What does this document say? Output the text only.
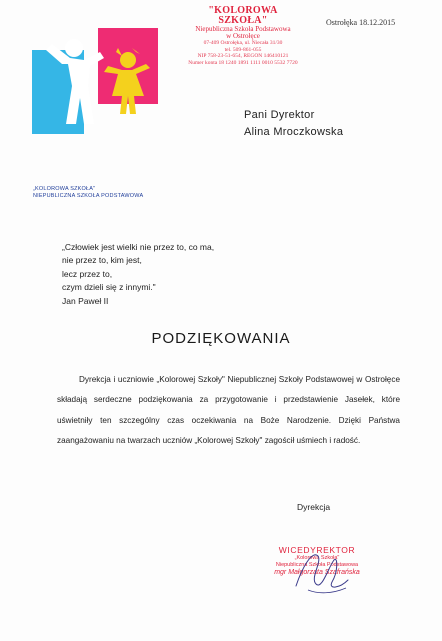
"KOLOROWA SZKOŁA"
Niepubliczna Szkoła Podstawowa
w Ostrołęce
07-409 Ostrołęka, ul. Niecała 31/30
tel. 509-861-055
NIP 758-23-51-654, REGON 146410121
Numer konta 18 1240 1891 1111 0010 5532 7720
Ostrołęka 18.12.2015
Pani Dyrektor
Alina Mroczkowska
„KOLOROWA SZKOŁA"
NIEPUBLICZNA SZKOŁA PODSTAWOWA
„Człowiek jest wielki nie przez to, co ma,
nie przez to, kim jest,
lecz przez to,
czym dzieli się z innymi."
Jan Paweł II
PODZIĘKOWANIA
Dyrekcja i uczniowie „Kolorowej Szkoły" Niepublicznej Szkoły Podstawowej w Ostrołęce składają serdeczne podziękowania za przygotowanie i przedstawienie Jasełek, które uświetniły ten szczególny czas oczekiwania na Boże Narodzenie. Dzięki Państwa zaangażowaniu na twarzach uczniów „Kolorowej Szkoły" zagościł uśmiech i radość.
Dyrekcja
WICEDYREKTOR
„Kolorowa Szkoła"
Niepubliczna Szkoła Podstawowa
mgr Małgorzata Szafrańska
